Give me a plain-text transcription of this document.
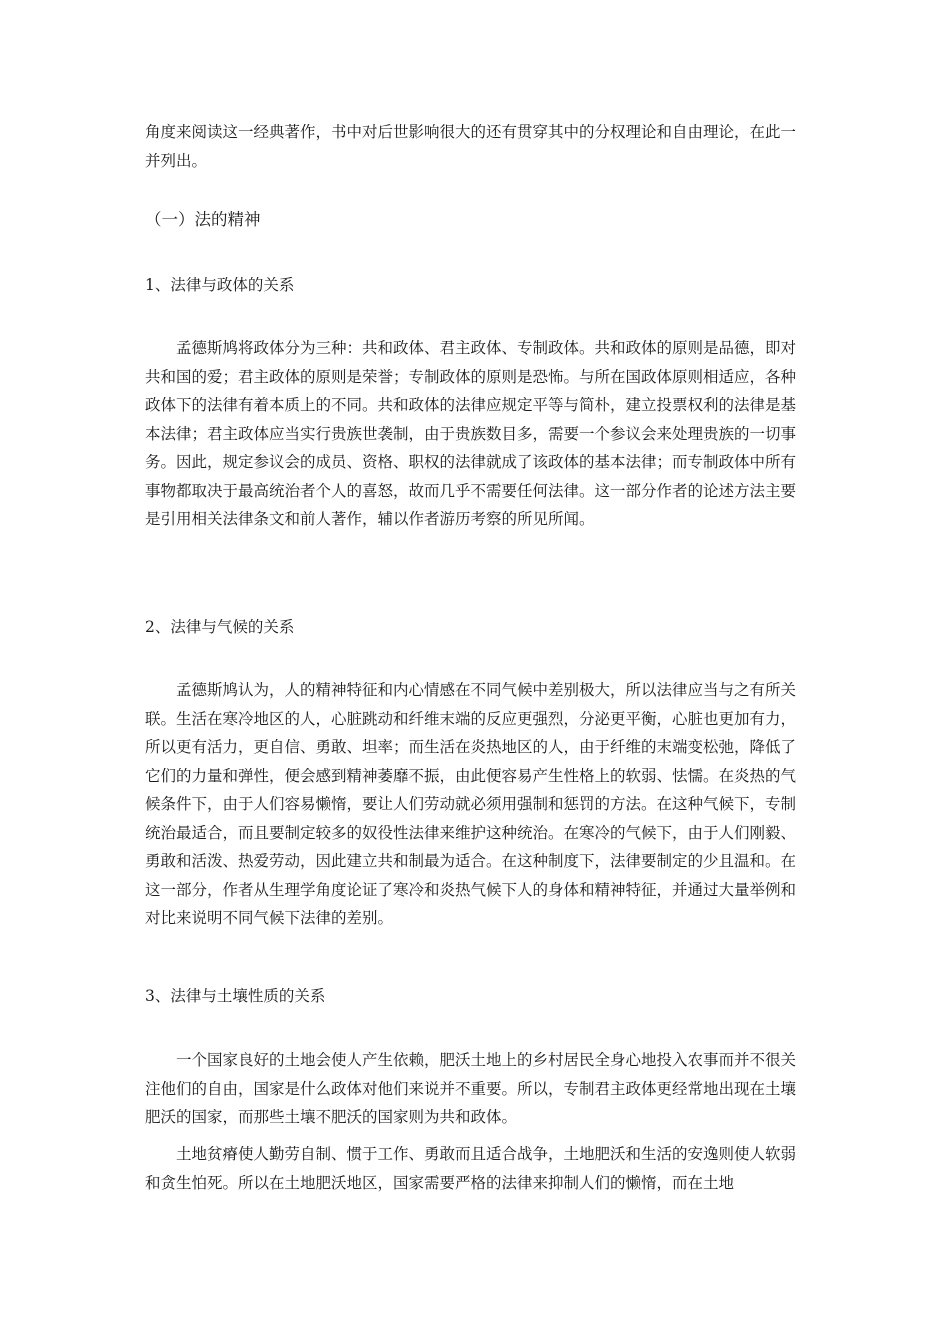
角度来阅读这一经典著作，书中对后世影响很大的还有贯穿其中的分权理论和自由理论，在此一并列出。

（一）法的精神

1、法律与政体的关系

孟德斯鸠将政体分为三种：共和政体、君主政体、专制政体。共和政体的原则是品德，即对共和国的爱；君主政体的原则是荣誉；专制政体的原则是恐怖。与所在国政体原则相适应，各种政体下的法律有着本质上的不同。共和政体的法律应规定平等与简朴，建立投票权利的法律是基本法律；君主政体应当实行贵族世袭制，由于贵族数目多，需要一个参议会来处理贵族的一切事务。因此，规定参议会的成员、资格、职权的法律就成了该政体的基本法律；而专制政体中所有事物都取决于最高统治者个人的喜怒，故而几乎不需要任何法律。这一部分作者的论述方法主要是引用相关法律条文和前人著作，辅以作者游历考察的所见所闻。

2、法律与气候的关系

孟德斯鸠认为，人的精神特征和内心情感在不同气候中差别极大，所以法律应当与之有所关联。生活在寒冷地区的人，心脏跳动和纤维末端的反应更强烈，分泌更平衡，心脏也更加有力，所以更有活力，更自信、勇敢、坦率；而生活在炎热地区的人，由于纤维的末端变松弛，降低了它们的力量和弹性，便会感到精神萎靡不振，由此便容易产生性格上的软弱、怯懦。在炎热的气候条件下，由于人们容易懒惰，要让人们劳动就必须用强制和惩罚的方法。在这种气候下，专制统治最适合，而且要制定较多的奴役性法律来维护这种统治。在寒冷的气候下，由于人们刚毅、勇敢和活泼、热爱劳动，因此建立共和制最为适合。在这种制度下，法律要制定的少且温和。在这一部分，作者从生理学角度论证了寒冷和炎热气候下人的身体和精神特征，并通过大量举例和对比来说明不同气候下法律的差别。

3、法律与土壤性质的关系

一个国家良好的土地会使人产生依赖，肥沃土地上的乡村居民全身心地投入农事而并不很关注他们的自由，国家是什么政体对他们来说并不重要。所以，专制君主政体更经常地出现在土壤肥沃的国家，而那些土壤不肥沃的国家则为共和政体。

土地贫瘠使人勤劳自制、惯于工作、勇敢而且适合战争，土地肥沃和生活的安逸则使人软弱和贪生怕死。所以在土地肥沃地区，国家需要严格的法律来抑制人们的懒惰，而在土地
